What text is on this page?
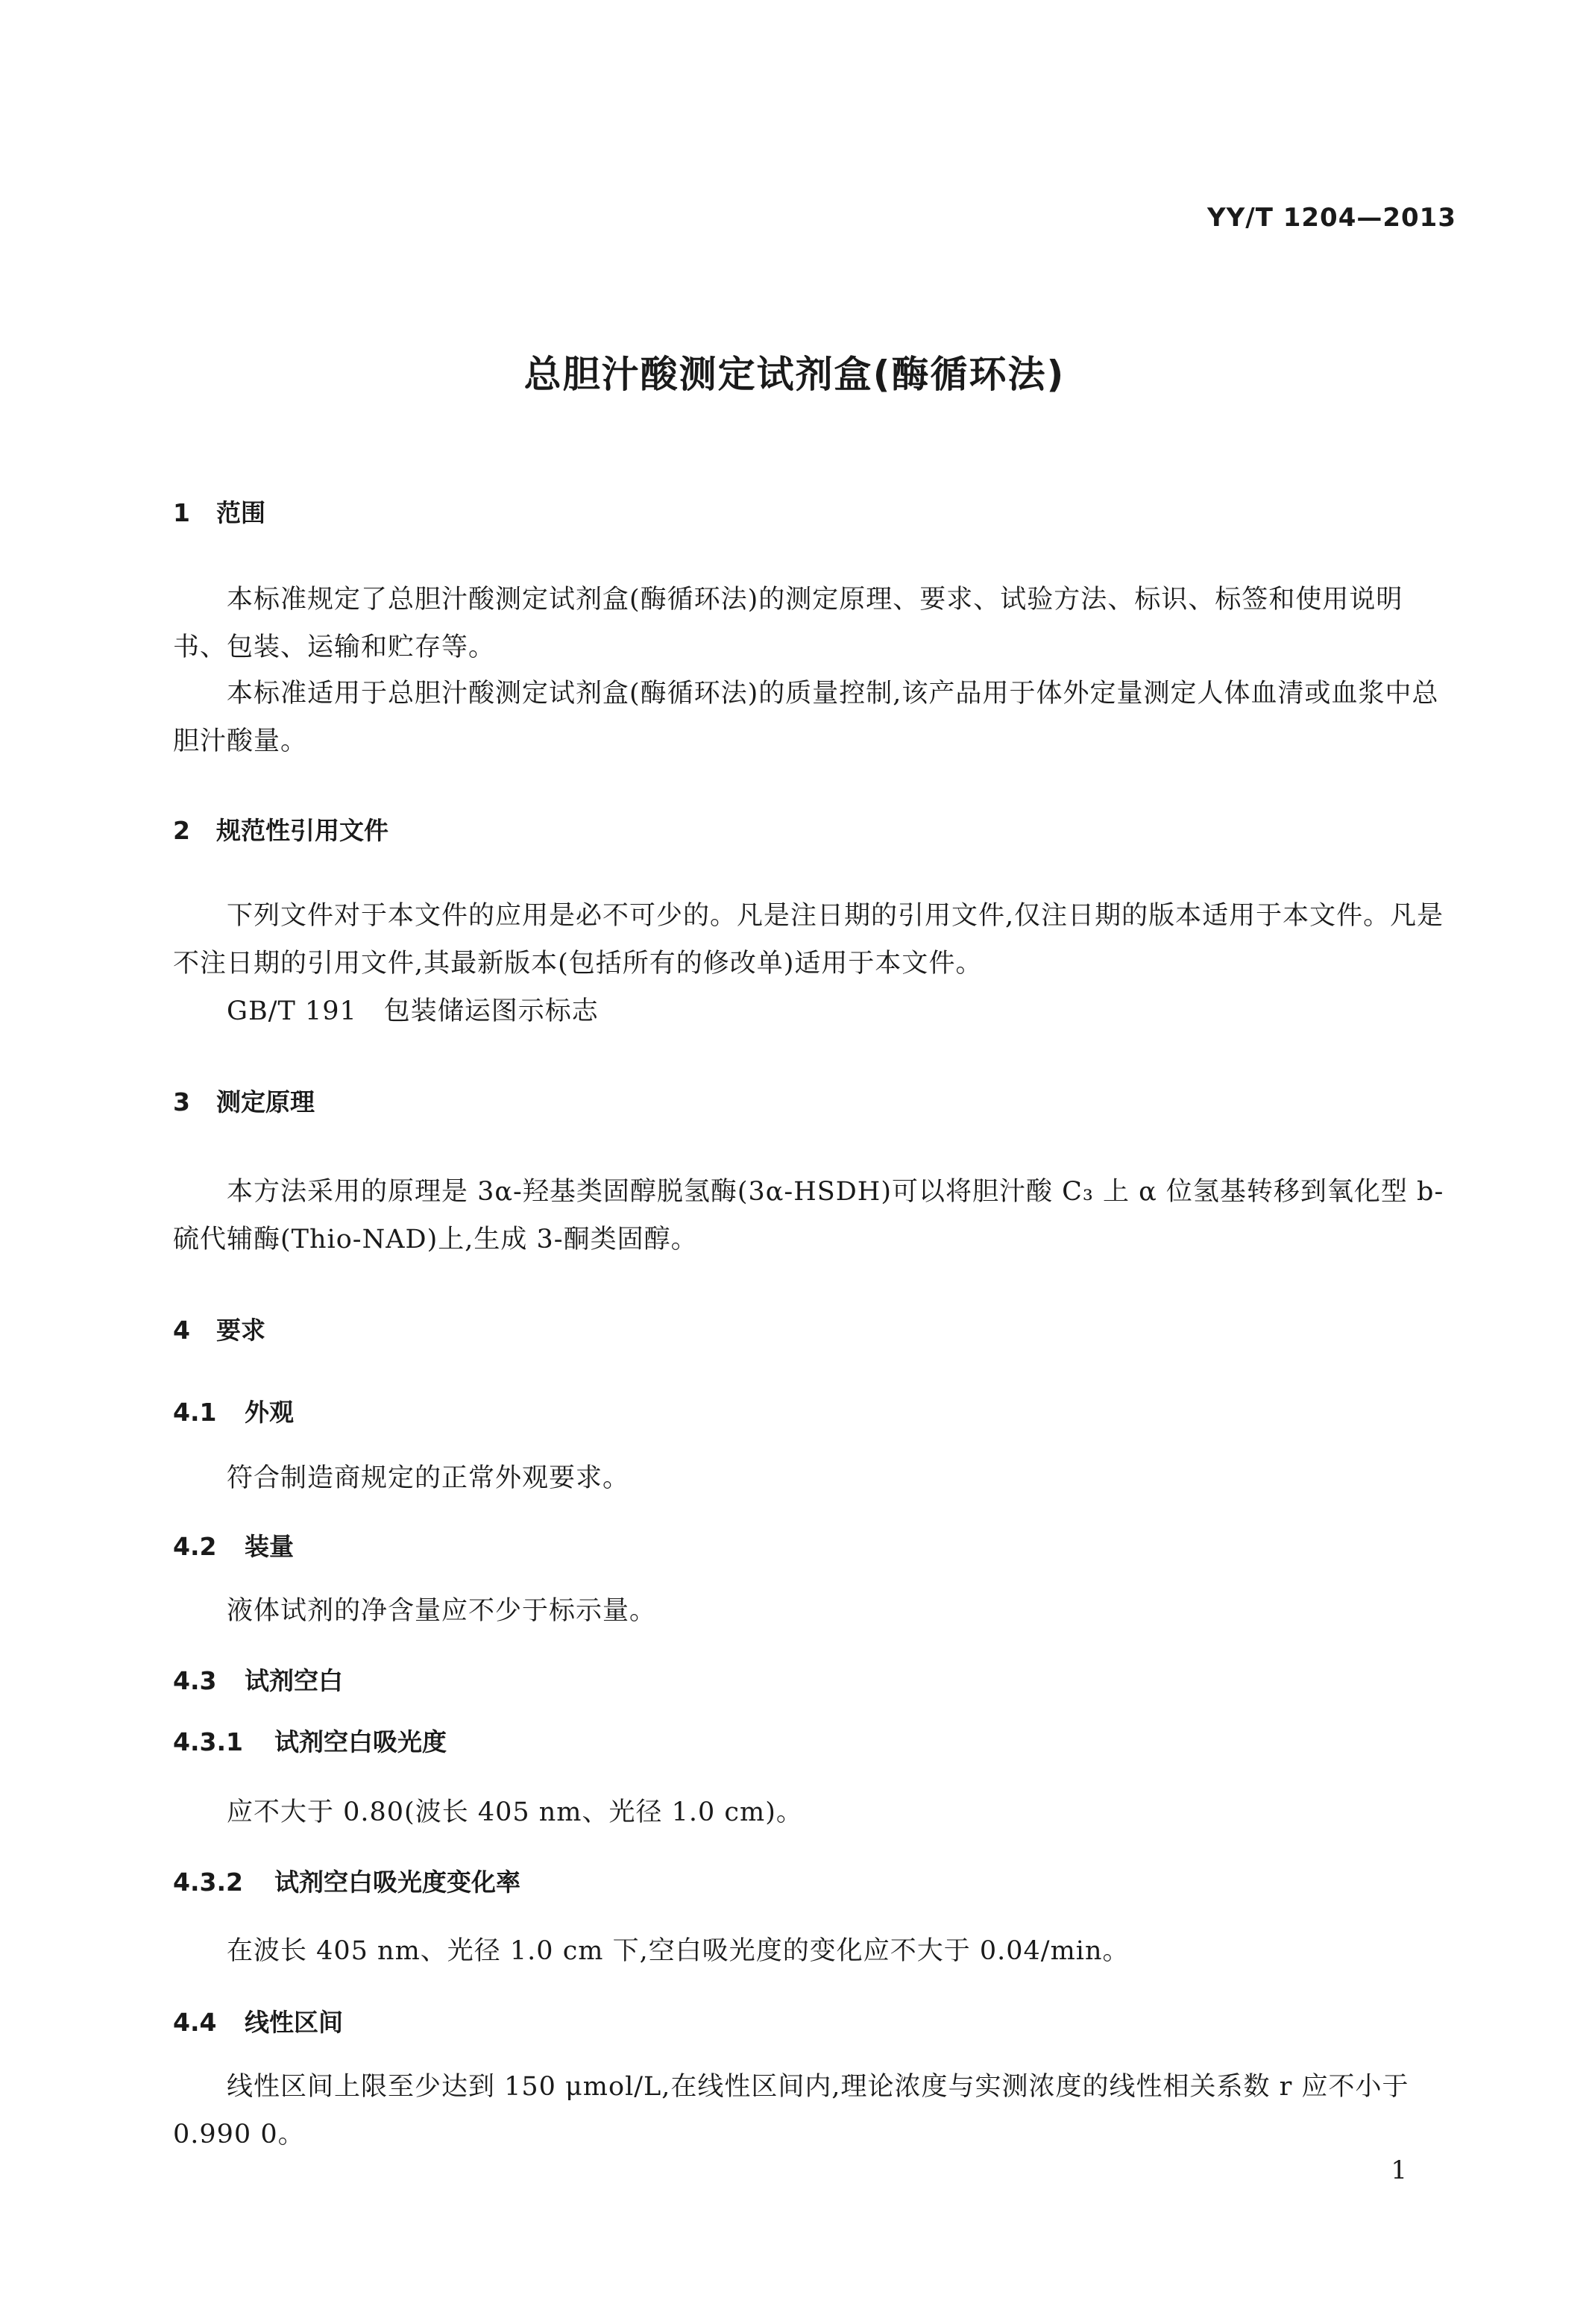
YY/T 1204—2013
总胆汁酸测定试剂盒(酶循环法)
1 范围
本标准规定了总胆汁酸测定试剂盒(酶循环法)的测定原理、要求、试验方法、标识、标签和使用说明书、包装、运输和贮存等。
本标准适用于总胆汁酸测定试剂盒(酶循环法)的质量控制,该产品用于体外定量测定人体血清或血浆中总胆汁酸量。
2 规范性引用文件
下列文件对于本文件的应用是必不可少的。凡是注日期的引用文件,仅注日期的版本适用于本文件。凡是不注日期的引用文件,其最新版本(包括所有的修改单)适用于本文件。
GB/T 191　包装储运图示标志
3 测定原理
本方法采用的原理是 3α-羟基类固醇脱氢酶(3α-HSDH)可以将胆汁酸 C₃ 上 α 位氢基转移到氧化型 b-硫代辅酶(Thio-NAD)上,生成 3-酮类固醇。
4 要求
4.1 外观
符合制造商规定的正常外观要求。
4.2 装量
液体试剂的净含量应不少于标示量。
4.3 试剂空白
4.3.1 试剂空白吸光度
应不大于 0.80(波长 405 nm、光径 1.0 cm)。
4.3.2 试剂空白吸光度变化率
在波长 405 nm、光径 1.0 cm 下,空白吸光度的变化应不大于 0.04/min。
4.4 线性区间
线性区间上限至少达到 150 μmol/L,在线性区间内,理论浓度与实测浓度的线性相关系数 r 应不小于 0.990 0。
1
